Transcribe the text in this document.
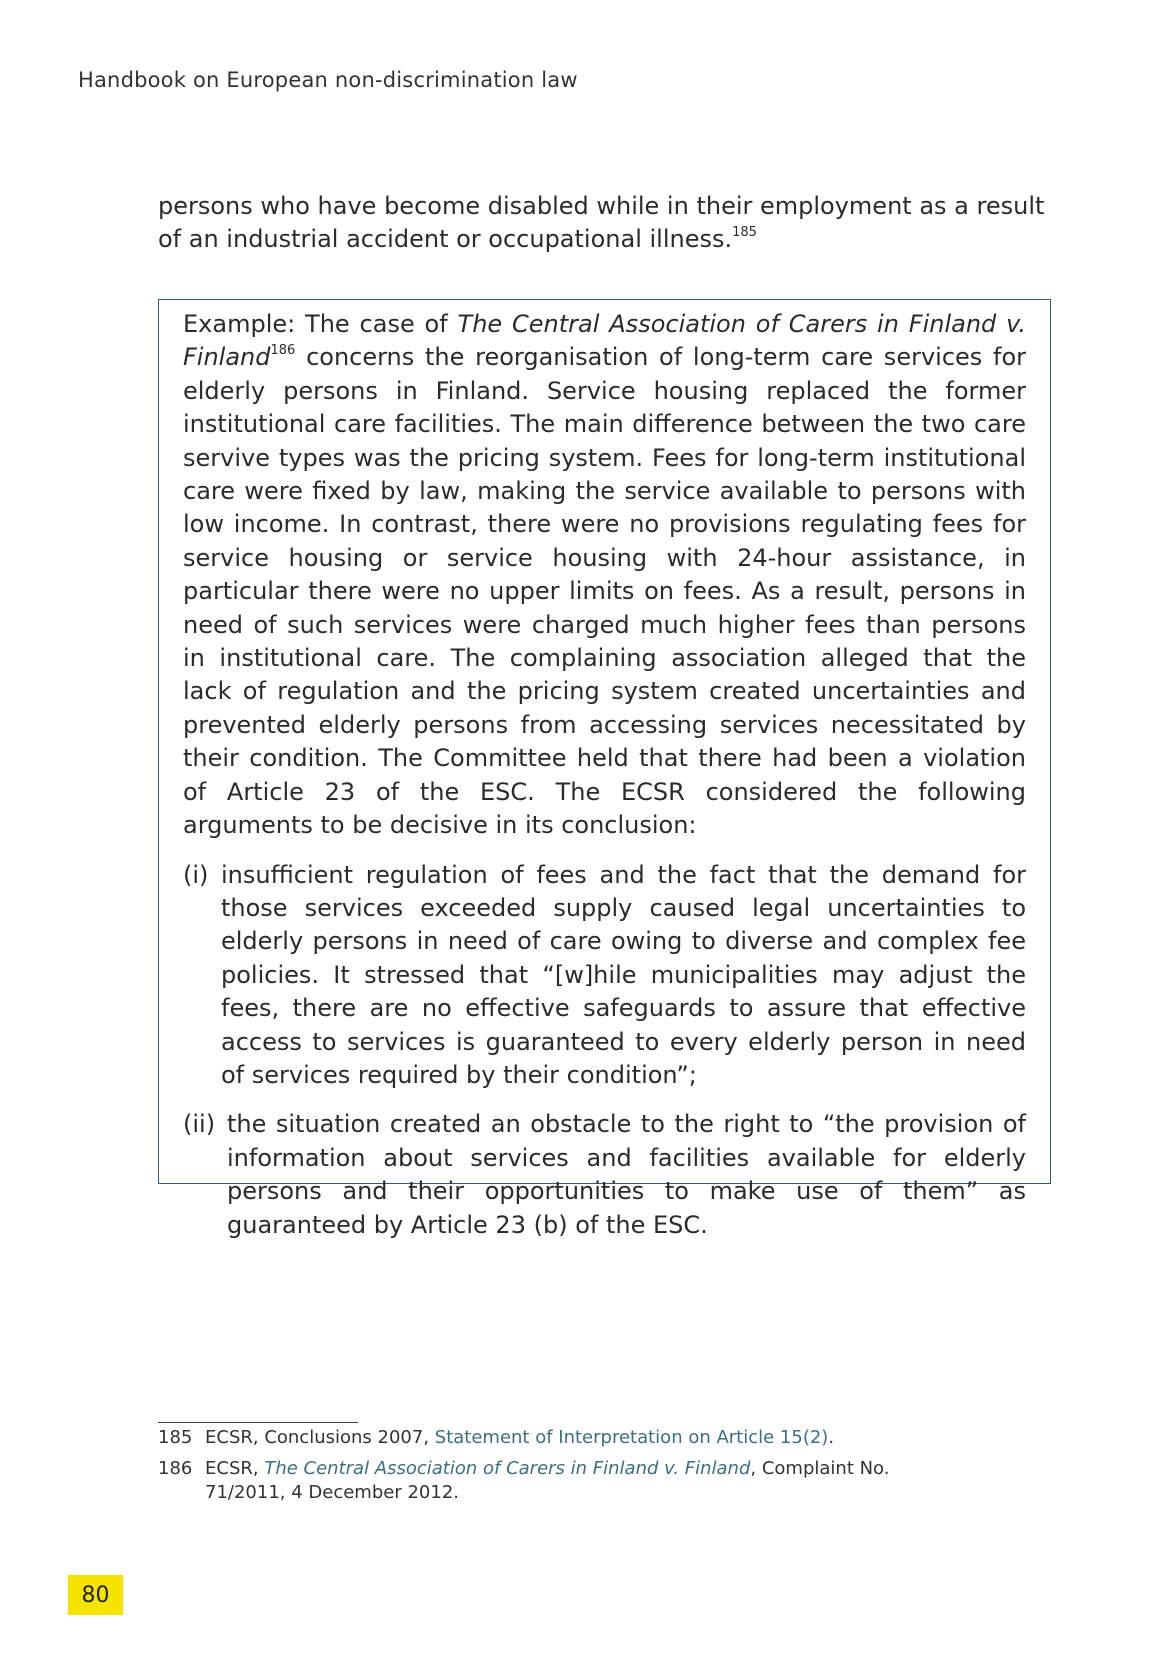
Handbook on European non-discrimination law

persons who have become disabled while in their employment as a result of an industrial accident or occupational illness.$^{185}$

Example: The case of The Central Association of Carers in Finland v. Finland$^{186}$ concerns the reorganisation of long-term care services for elderly persons in Finland. Service housing replaced the former institutional care facilities. The main difference between the two care servive types was the pricing system. Fees for long-term institutional care were fixed by law, making the service available to persons with low income. In contrast, there were no provisions regulating fees for service housing or service housing with 24-hour assistance, in particular there were no upper limits on fees. As a result, persons in need of such services were charged much higher fees than persons in institutional care. The complaining association alleged that the lack of regulation and the pricing system created uncertainties and prevented elderly persons from accessing services necessitated by their condition. The Committee held that there had been a violation of Article 23 of the ESC. The ECSR considered the following arguments to be decisive in its conclusion:

(i) insufficient regulation of fees and the fact that the demand for those services exceeded supply caused legal uncertainties to elderly persons in need of care owing to diverse and complex fee policies. It stressed that “[w]hile municipalities may adjust the fees, there are no effective safeguards to assure that effective access to services is guaranteed to every elderly person in need of services required by their condition”;
(ii) the situation created an obstacle to the right to “the provision of information about services and facilities available for elderly persons and their opportunities to make use of them” as guaranteed by Article 23 (b) of the ESC.
185 ECSR, Conclusions 2007, Statement of Interpretation on Article 15(2).
186 ECSR, The Central Association of Carers in Finland v. Finland, Complaint No. 71/2011, 4 December 2012.
80
